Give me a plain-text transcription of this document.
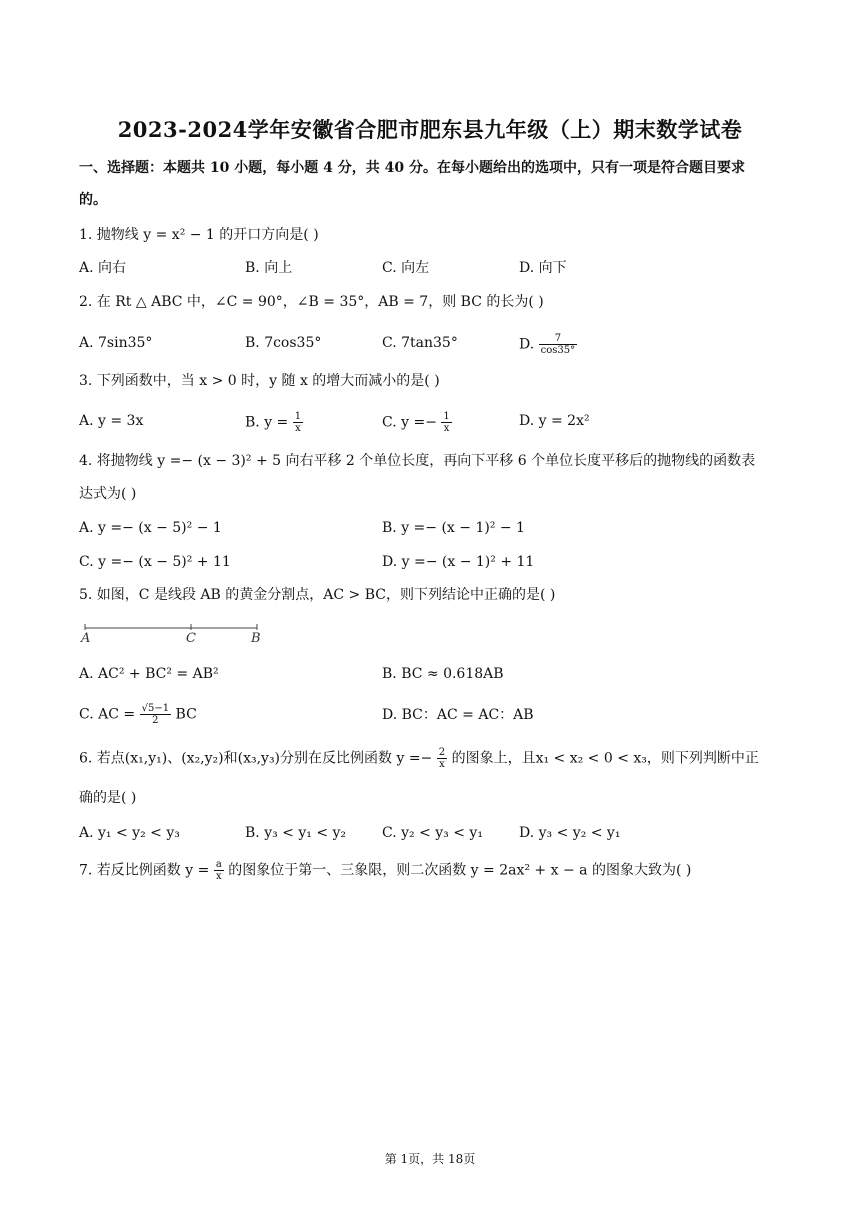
2023-2024学年安徽省合肥市肥东县九年级（上）期末数学试卷
一、选择题：本题共 10 小题，每小题 4 分，共 40 分。在每小题给出的选项中，只有一项是符合题目要求
的。
1. 抛物线 y = x² − 1 的开口方向是( )
A. 向右	B. 向上	C. 向左	D. 向下
2. 在 Rt △ ABC 中，∠C = 90°，∠B = 35°，AB = 7，则 BC 的长为( )
A. 7sin35°	B. 7cos35°	C. 7tan35°	D. $\frac{7}{\cos 35^\circ}$
3. 下列函数中，当 x > 0 时，y 随 x 的增大而减小的是( )
A. y = 3x	B. $y = \frac{1}{x}$	C. $y =- \frac{1}{x}$	D. y = 2x²
4. 将抛物线 y =− (x − 3)² + 5 向右平移 2 个单位长度，再向下平移 6 个单位长度平移后的抛物线的函数表
达式为( )
A. y =− (x − 5)² − 1	B. y =− (x − 1)² − 1
C. y =− (x − 5)² + 11	D. y =− (x − 1)² + 11
5. 如图，C 是线段 AB 的黄金分割点，AC > BC，则下列结论中正确的是( )
A	C	B
A. AC² + BC² = AB²	B. BC ≈ 0.618AB
C. AC = $\frac{√5-1}{2}$ BC	D. BC：AC = AC：AB
6. 若点(x₁,y₁)、(x₂,y₂)和(x₃,y₃)分别在反比例函数 $y =- \frac{2}{x}$ 的图象上，且x₁ < x₂ < 0 < x₃，则下列判断中正
确的是( )
A. y₁ < y₂ < y₃	B. y₃ < y₁ < y₂	C. y₂ < y₃ < y₁	D. y₃ < y₂ < y₁
7. 若反比例函数 $y = \frac{a}{x}$ 的图象位于第一、三象限，则二次函数 y = 2ax² + x − a 的图象大致为( )
第 1页，共 18页
